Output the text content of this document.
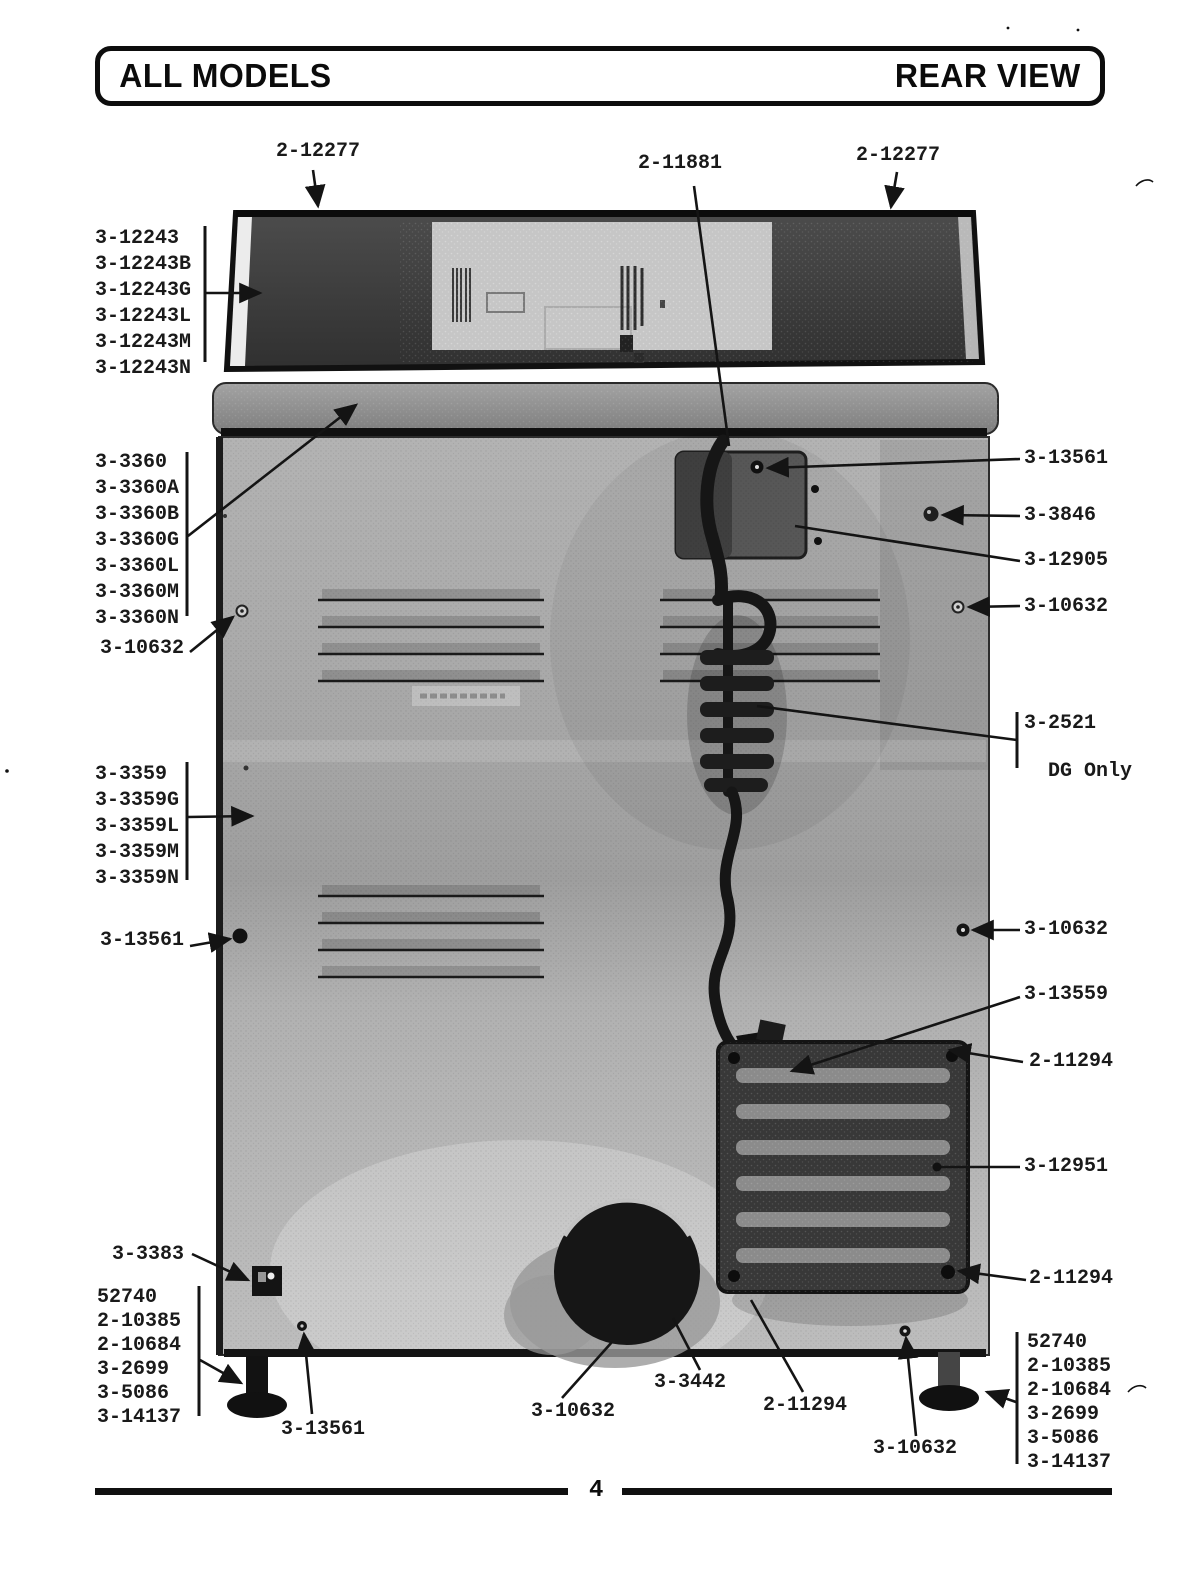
ALL MODELS	REAR VIEW
2-12277
2-11881	2-12277
3-13561
3-3846
3-12905
3-10632
3-10632
3-2521

DG Only
3-13561	3-10632
3-13559
2-11294
3-12951
2-11294
3-3383
3-13561
3-10632
3-3442
2-11294
3-10632
3-12243
3-12243B
3-12243G
3-12243L
3-12243M
3-12243N
3-3360
3-3360A
3-3360B
3-3360G
3-3360L
3-3360M
3-3360N
3-3359
3-3359G
3-3359L
3-3359M
3-3359N
52740
2-10385
2-10684
3-2699
3-5086
3-14137
52740
2-10385
2-10684
3-2699
3-5086
3-14137
4
